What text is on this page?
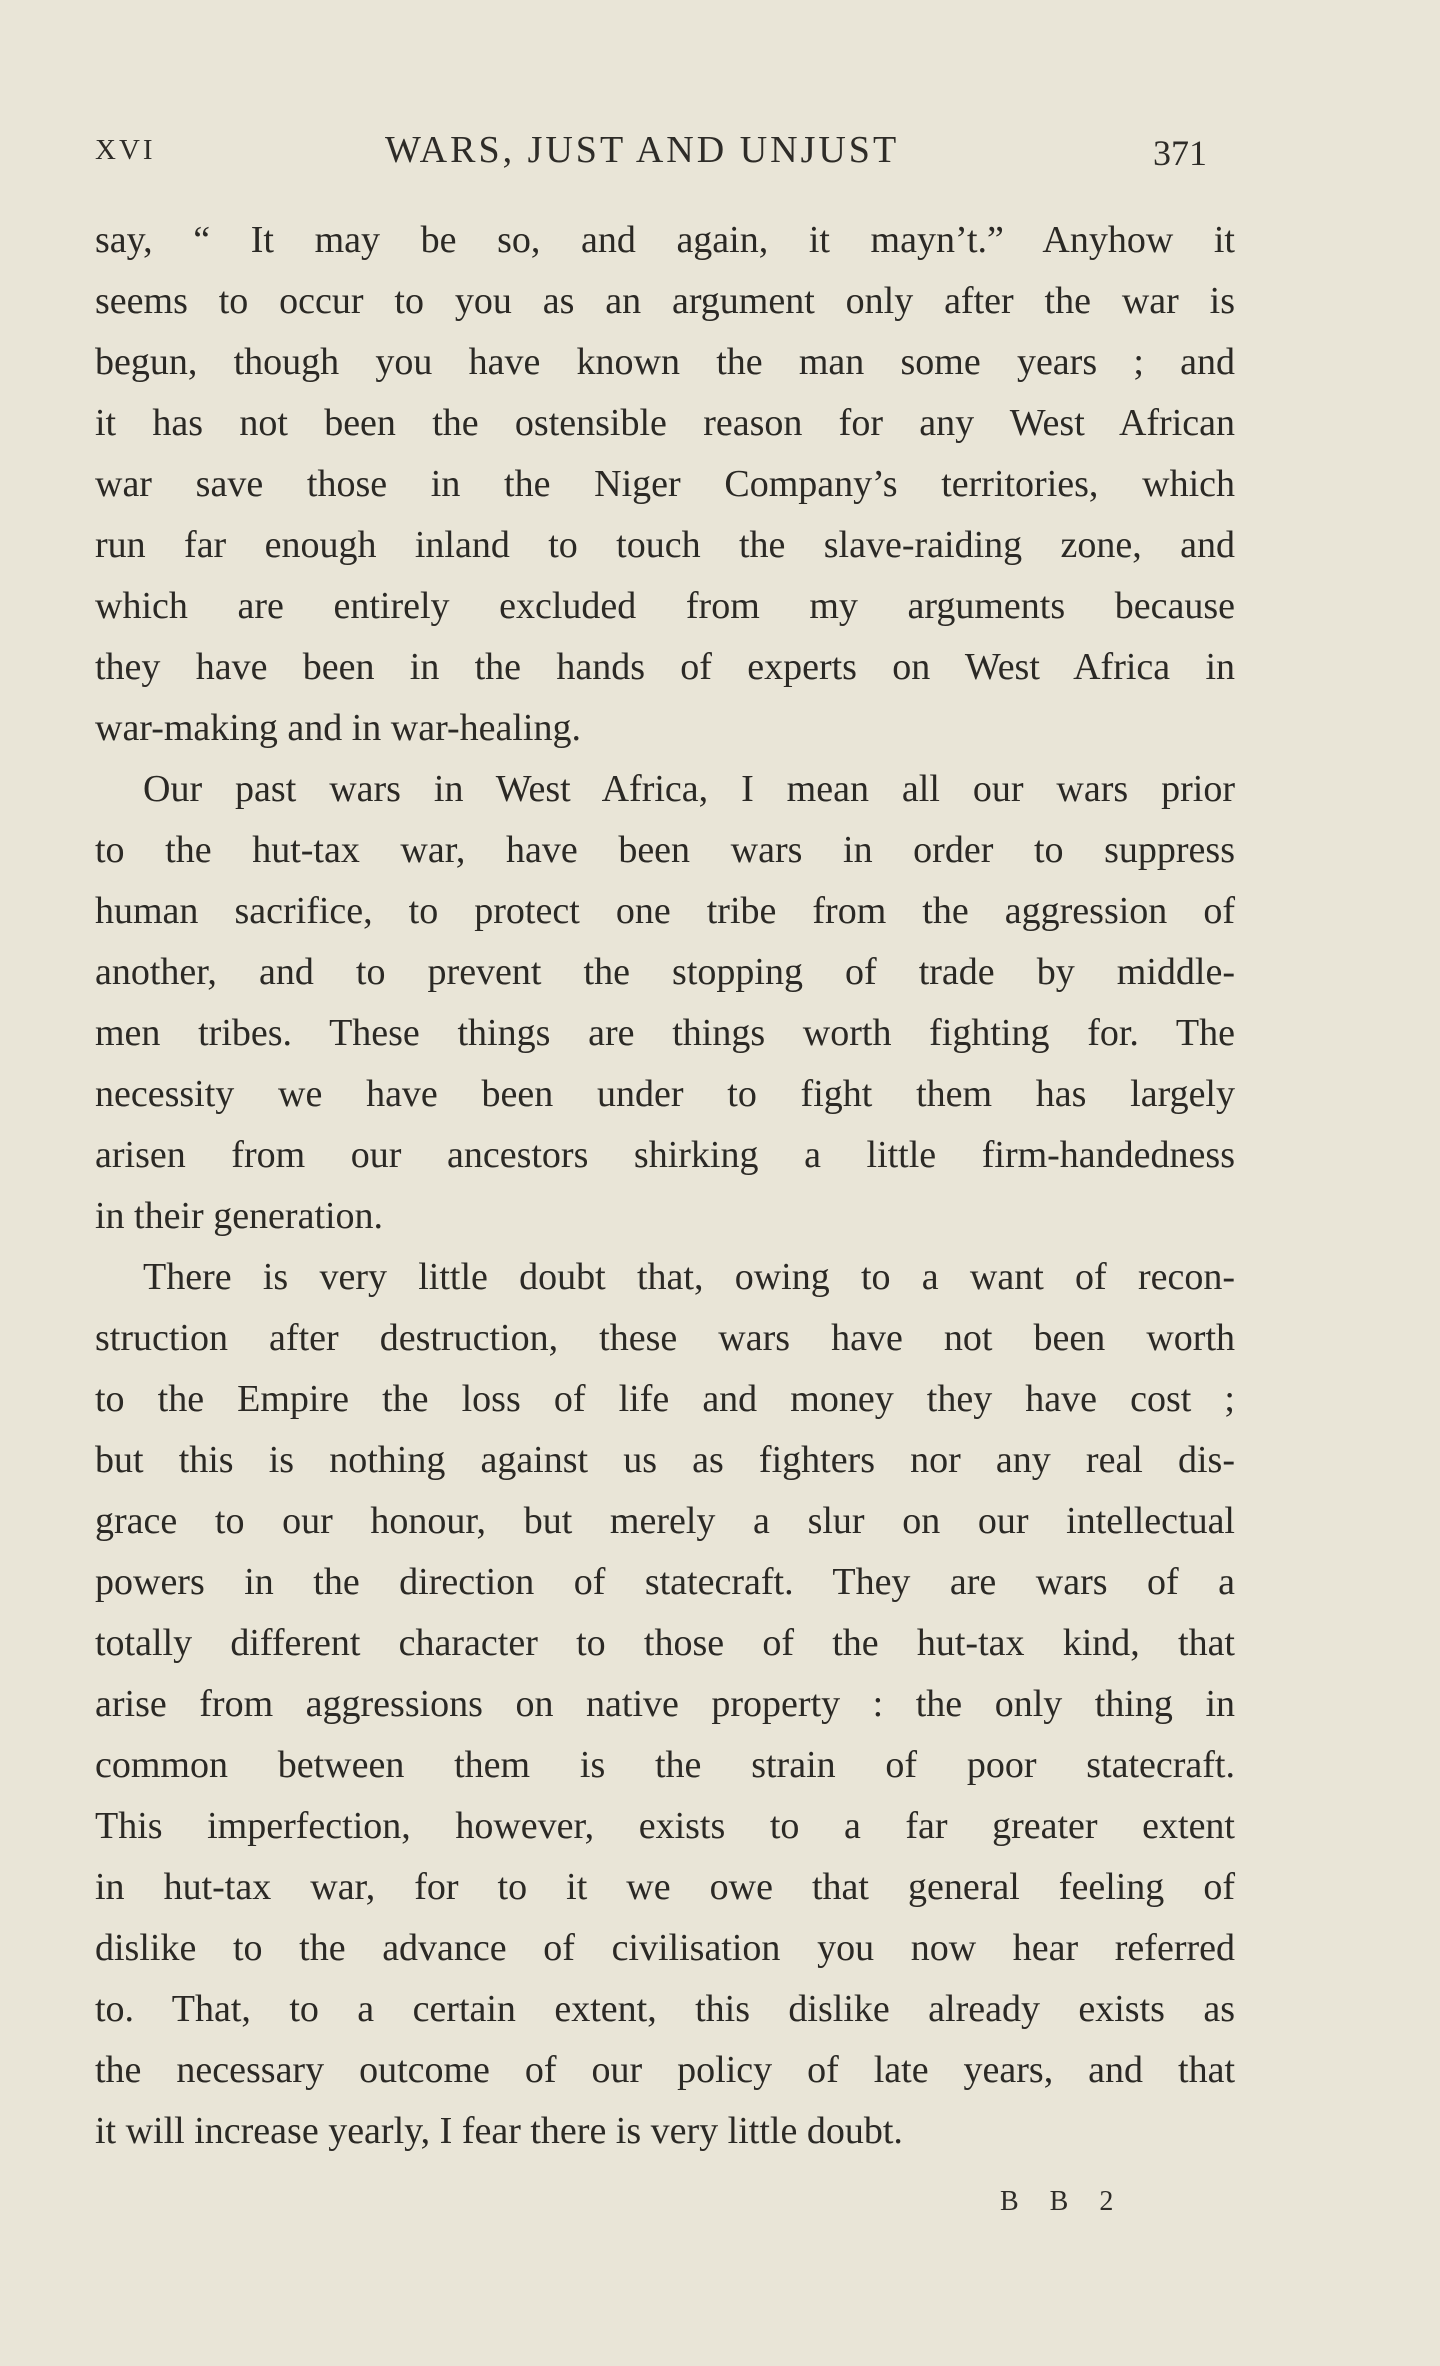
XVI	WARS, JUST AND UNJUST	371

say, “ It may be so, and again, it mayn’t.” Anyhow it
seems to occur to you as an argument only after the war is
begun, though you have known the man some years ; and
it has not been the ostensible reason for any West African
war save those in the Niger Company’s territories, which
run far enough inland to touch the slave-raiding zone, and
which are entirely excluded from my arguments because
they have been in the hands of experts on West Africa in
war-making and in war-healing.

Our past wars in West Africa, I mean all our wars prior
to the hut-tax war, have been wars in order to suppress
human sacrifice, to protect one tribe from the aggression of
another, and to prevent the stopping of trade by middle-
men tribes. These things are things worth fighting for. The
necessity we have been under to fight them has largely
arisen from our ancestors shirking a little firm-handedness
in their generation.

There is very little doubt that, owing to a want of recon-
struction after destruction, these wars have not been worth
to the Empire the loss of life and money they have cost ;
but this is nothing against us as fighters nor any real dis-
grace to our honour, but merely a slur on our intellectual
powers in the direction of statecraft. They are wars of a
totally different character to those of the hut-tax kind, that
arise from aggressions on native property : the only thing in
common between them is the strain of poor statecraft.
This imperfection, however, exists to a far greater extent
in hut-tax war, for to it we owe that general feeling of
dislike to the advance of civilisation you now hear referred
to. That, to a certain extent, this dislike already exists as
the necessary outcome of our policy of late years, and that
it will increase yearly, I fear there is very little doubt.

B B 2
